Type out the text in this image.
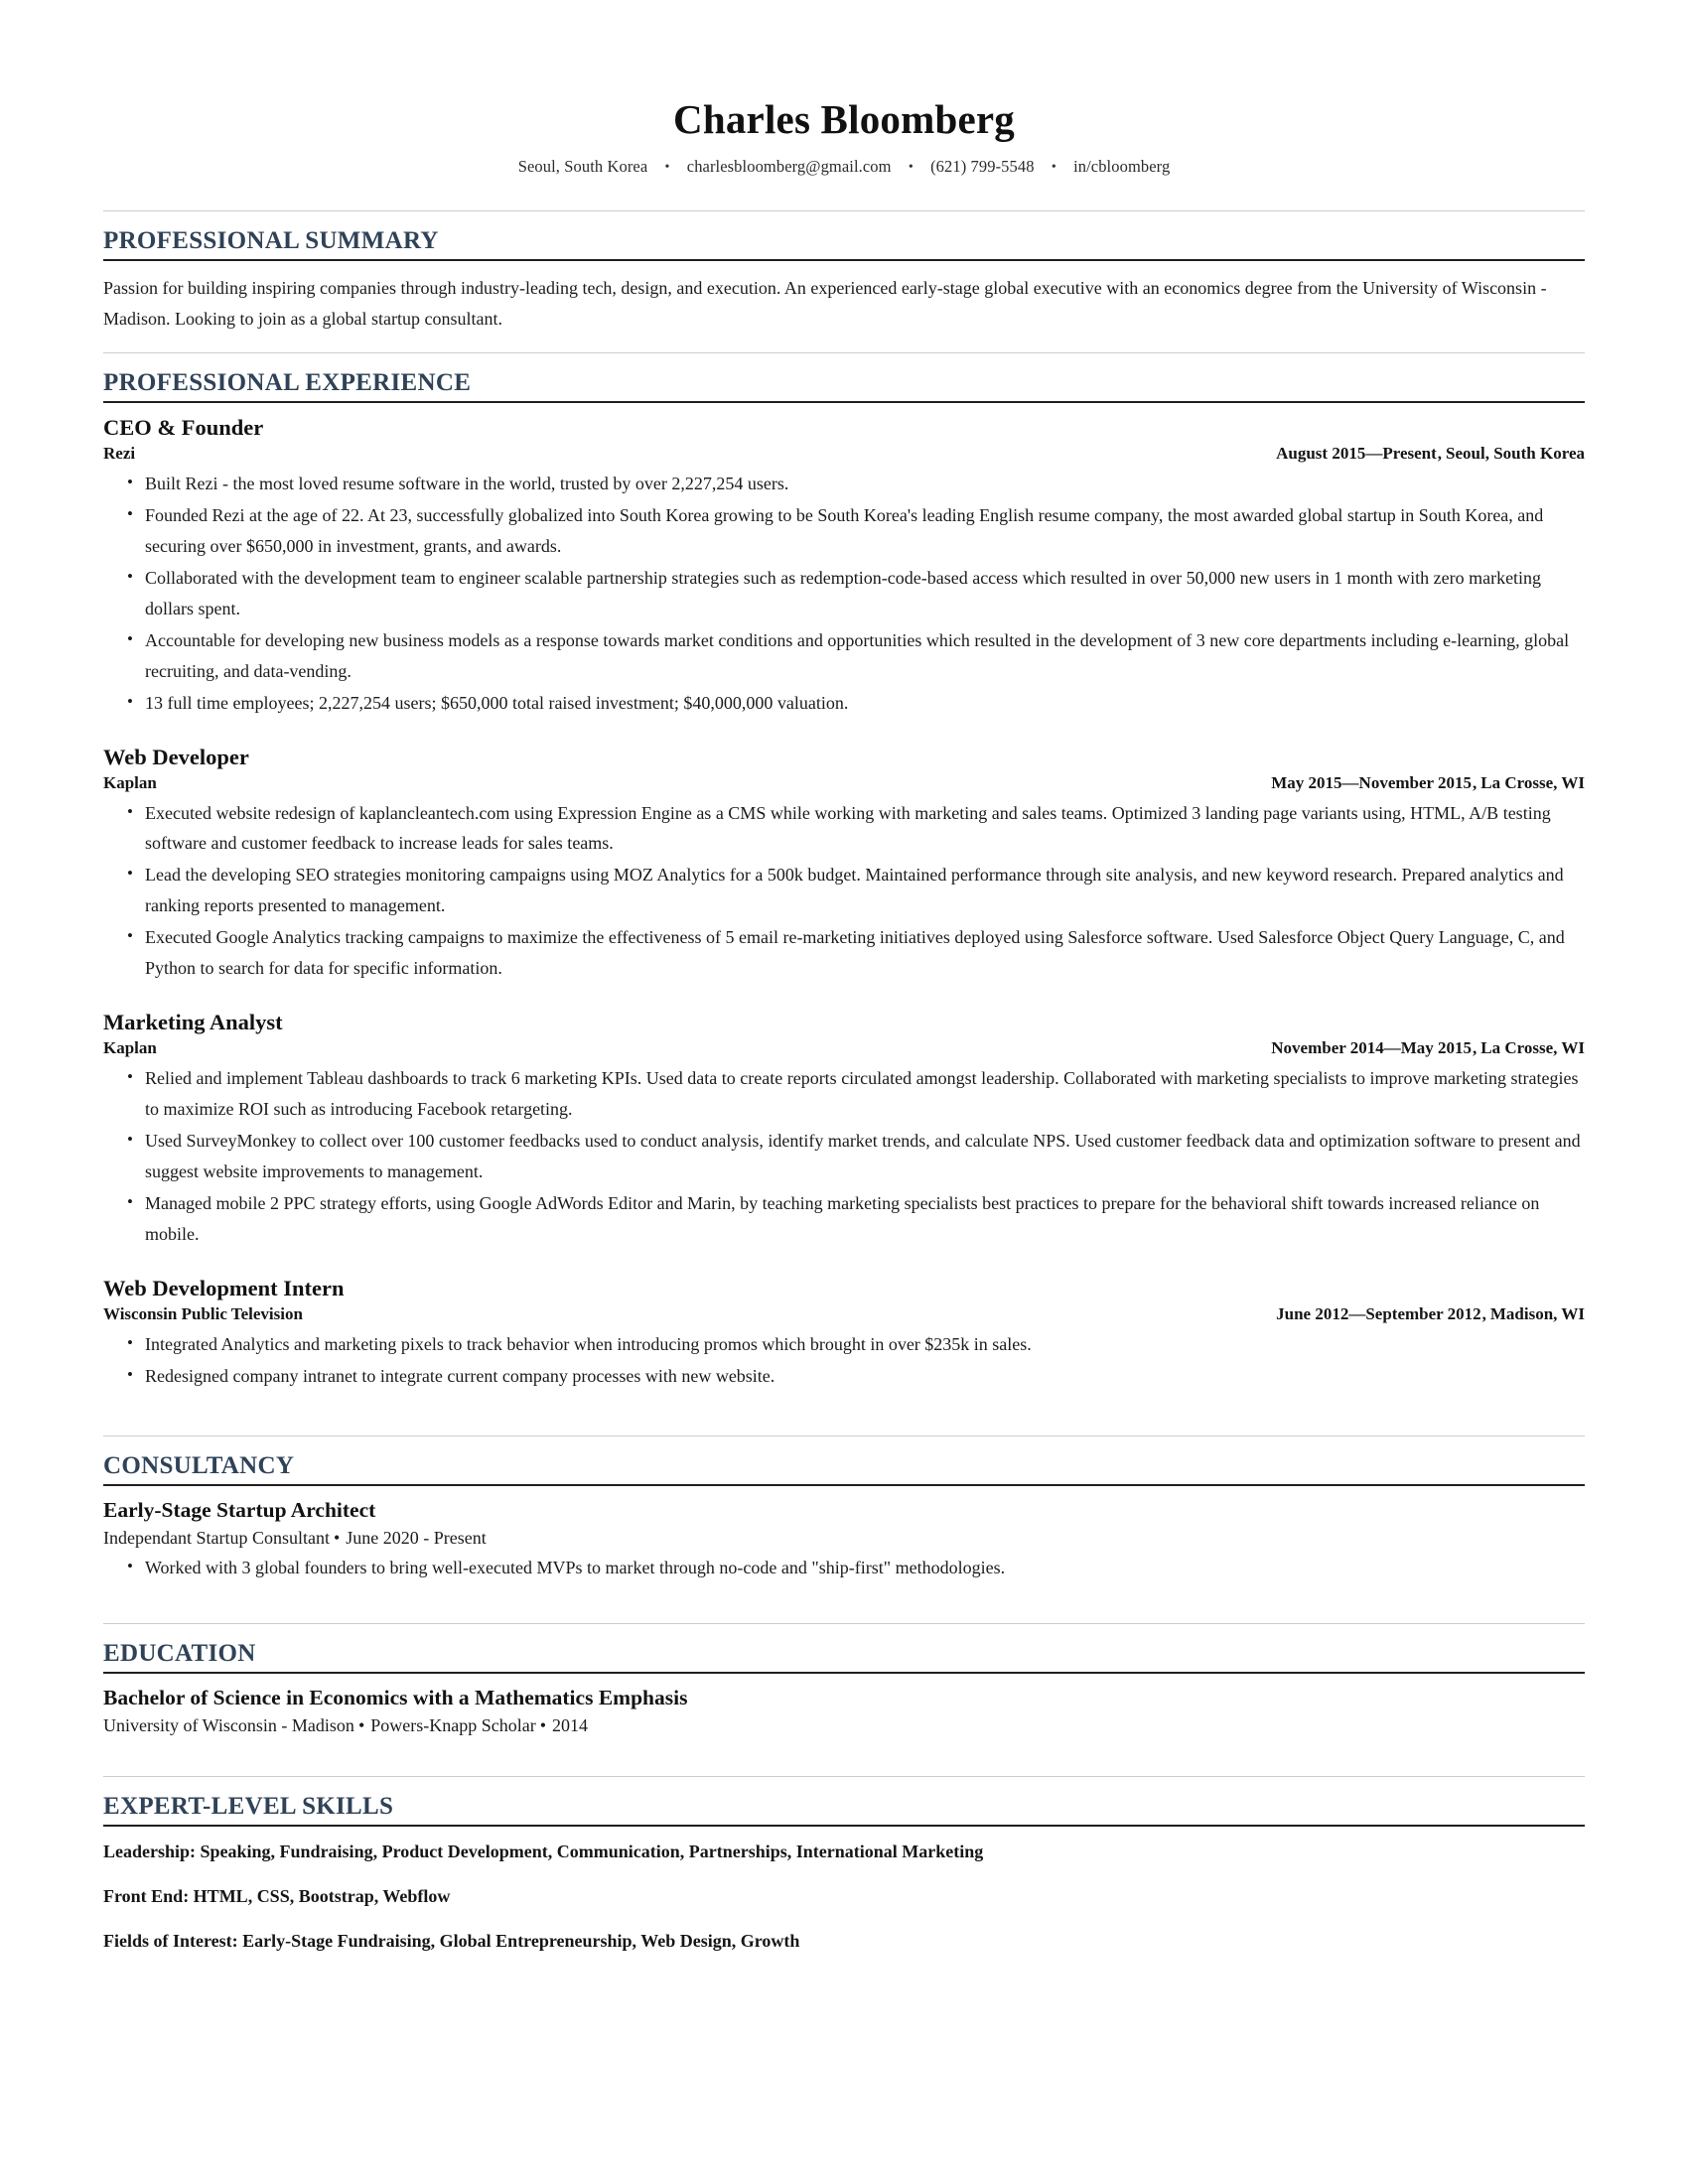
Charles Bloomberg
Seoul, South Korea • charlesbloomberg@gmail.com • (621) 799-5548 • in/cbloomberg
PROFESSIONAL SUMMARY
Passion for building inspiring companies through industry-leading tech, design, and execution. An experienced early-stage global executive with an economics degree from the University of Wisconsin - Madison. Looking to join as a global startup consultant.
PROFESSIONAL EXPERIENCE
CEO & Founder
Rezi	August 2015—Present, Seoul, South Korea
• Built Rezi - the most loved resume software in the world, trusted by over 2,227,254 users.
• Founded Rezi at the age of 22. At 23, successfully globalized into South Korea growing to be South Korea's leading English resume company, the most awarded global startup in South Korea, and securing over $650,000 in investment, grants, and awards.
• Collaborated with the development team to engineer scalable partnership strategies such as redemption-code-based access which resulted in over 50,000 new users in 1 month with zero marketing dollars spent.
• Accountable for developing new business models as a response towards market conditions and opportunities which resulted in the development of 3 new core departments including e-learning, global recruiting, and data-vending.
• 13 full time employees; 2,227,254 users; $650,000 total raised investment; $40,000,000 valuation.
Web Developer
Kaplan	May 2015—November 2015, La Crosse, WI
• Executed website redesign of kaplancleantech.com using Expression Engine as a CMS while working with marketing and sales teams. Optimized 3 landing page variants using, HTML, A/B testing software and customer feedback to increase leads for sales teams.
• Lead the developing SEO strategies monitoring campaigns using MOZ Analytics for a 500k budget. Maintained performance through site analysis, and new keyword research. Prepared analytics and ranking reports presented to management.
• Executed Google Analytics tracking campaigns to maximize the effectiveness of 5 email re-marketing initiatives deployed using Salesforce software. Used Salesforce Object Query Language, C, and Python to search for data for specific information.
Marketing Analyst
Kaplan	November 2014—May 2015, La Crosse, WI
• Relied and implement Tableau dashboards to track 6 marketing KPIs. Used data to create reports circulated amongst leadership. Collaborated with marketing specialists to improve marketing strategies to maximize ROI such as introducing Facebook retargeting.
• Used SurveyMonkey to collect over 100 customer feedbacks used to conduct analysis, identify market trends, and calculate NPS. Used customer feedback data and optimization software to present and suggest website improvements to management.
• Managed mobile 2 PPC strategy efforts, using Google AdWords Editor and Marin, by teaching marketing specialists best practices to prepare for the behavioral shift towards increased reliance on mobile.
Web Development Intern
Wisconsin Public Television	June 2012—September 2012, Madison, WI
• Integrated Analytics and marketing pixels to track behavior when introducing promos which brought in over $235k in sales.
• Redesigned company intranet to integrate current company processes with new website.
CONSULTANCY
Early-Stage Startup Architect
Independant Startup Consultant • June 2020 - Present
• Worked with 3 global founders to bring well-executed MVPs to market through no-code and "ship-first" methodologies.
EDUCATION
Bachelor of Science in Economics with a Mathematics Emphasis
University of Wisconsin - Madison • Powers-Knapp Scholar • 2014
EXPERT-LEVEL SKILLS
Leadership: Speaking, Fundraising, Product Development, Communication, Partnerships, International Marketing
Front End: HTML, CSS, Bootstrap, Webflow
Fields of Interest: Early-Stage Fundraising, Global Entrepreneurship, Web Design, Growth
